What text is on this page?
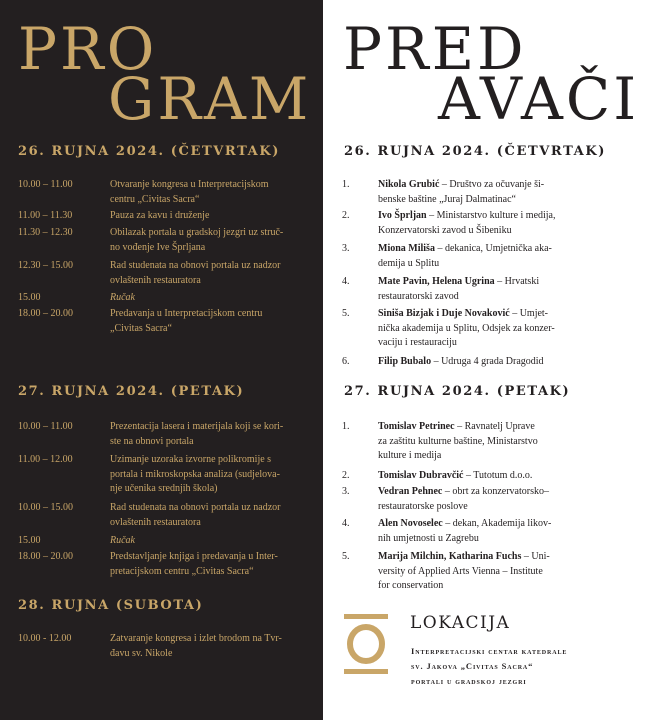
PRO
GRAM
26. RUJNA 2024. (ČETVRTAK)
10.00 – 11.00	Otvaranje kongresa u Interpretacijskom
centru „Civitas Sacra“
11.00 – 11.30	Pauza za kavu i druženje
11.30 – 12.30	Obilazak portala u gradskoj jezgri uz struč-
no vođenje Ive Šprljana
12.30 – 15.00	Rad studenata na obnovi portala uz nadzor
ovlaštenih restauratora
15.00	Ručak
18.00 – 20.00	Predavanja u Interpretacijskom centru
„Civitas Sacra“
27. RUJNA 2024. (PETAK)
10.00 – 11.00	Prezentacija lasera i materijala koji se kori-
ste na obnovi portala
11.00 – 12.00	Uzimanje uzoraka izvorne polikromije s
portala i mikroskopska analiza (sudjelova-
nje učenika srednjih škola)
10.00 – 15.00	Rad studenata na obnovi portala uz nadzor
ovlaštenih restauratora
15.00	Ručak
18.00 – 20.00	Predstavljanje knjiga i predavanja u Inter-
pretacijskom centru „Civitas Sacra“
28. RUJNA (SUBOTA)
10.00 - 12.00	Zatvaranje kongresa i izlet brodom na Tvr-
đavu sv. Nikole
PRED
AVAČI
26. RUJNA 2024. (ČETVRTAK)
1.	Nikola Grubić – Društvo za očuvanje ši-
benske baštine „Juraj Dalmatinac“
2.	Ivo Šprljan – Ministarstvo kulture i medija,
Konzervatorski zavod u Šibeniku
3.	Miona Miliša – dekanica, Umjetnička aka-
demija u Splitu
4.	Mate Pavin, Helena Ugrina – Hrvatski
restauratorski zavod
5.	Siniša Bizjak i Duje Novaković – Umjet-
nička akademija u Splitu, Odsjek za konzer-
vaciju i restauraciju
6.	Filip Bubalo – Udruga 4 grada Dragodid
27. RUJNA 2024. (PETAK)
1.	Tomislav Petrinec – Ravnatelj Uprave
za zaštitu kulturne baštine, Ministarstvo
kulture i medija
2.	Tomislav Dubravčić – Tutotum d.o.o.
3.	Vedran Pehnec – obrt za konzervatorsko–
restauratorske poslove
4.	Alen Novoselec – dekan, Akademija likov-
nih umjetnosti u Zagrebu
5.	Marija Milchin, Katharina Fuchs – Uni-
versity of Applied Arts Vienna – Institute
for conservation
LOKACIJA
Interpretacijski centar katedrale
sv. Jakova „Civitas Sacra“
portali u gradskoj jezgri
